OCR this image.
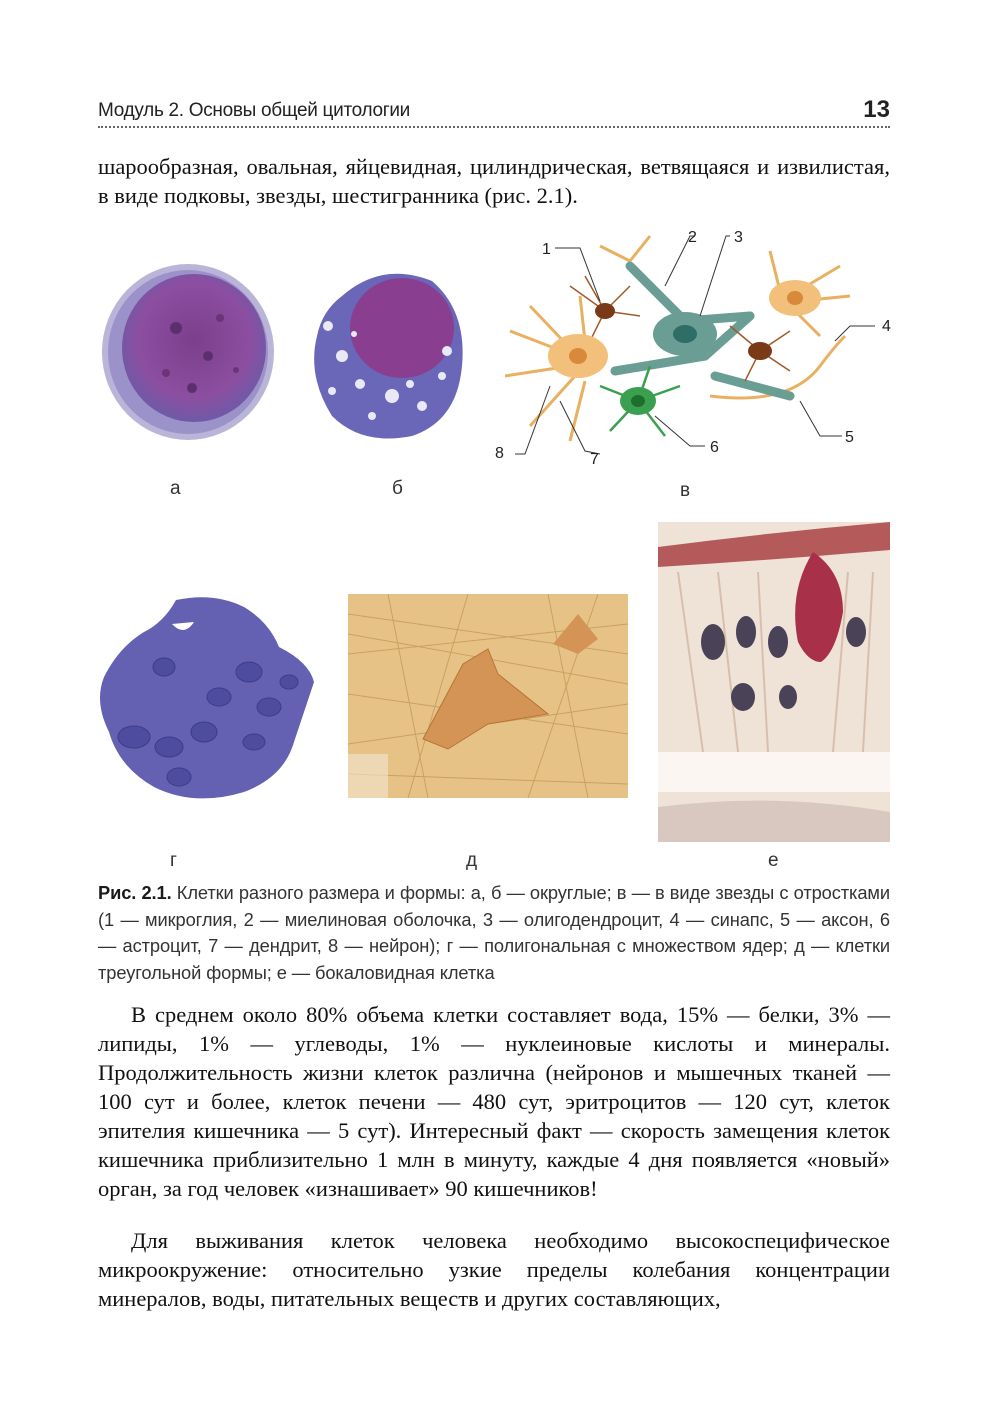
Модуль 2. Основы общей цитологии	13
шарообразная, овальная, яйцевидная, цилиндрическая, ветвящаяся и извилистая, в виде подковы, звезды, шестигранника (рис. 2.1).
а	б
1
2 3
4
5
6
7
8
в
г	д	е
Рис. 2.1. Клетки разного размера и формы: а, б — округлые; в — в виде звезды с отростками (1 — микроглия, 2 — миелиновая оболочка, 3 — олигодендроцит, 4 — синапс, 5 — аксон, 6 — астроцит, 7 — дендрит, 8 — нейрон); г — полигональная с множеством ядер; д — клетки треугольной формы; е — бокаловидная клетка
В среднем около 80% объема клетки составляет вода, 15% — белки, 3% — липиды, 1% — углеводы, 1% — нуклеиновые кислоты и минералы. Продолжительность жизни клеток различна (нейронов и мышечных тканей — 100 сут и более, клеток печени — 480 сут, эритроцитов — 120 сут, клеток эпителия кишечника — 5 сут). Интересный факт — скорость замещения клеток кишечника приблизительно 1 млн в минуту, каждые 4 дня появляется «новый» орган, за год человек «изнашивает» 90 кишечников!
Для выживания клеток человека необходимо высокоспецифическое микроокружение: относительно узкие пределы колебания концентрации минералов, воды, питательных веществ и других составляющих,
